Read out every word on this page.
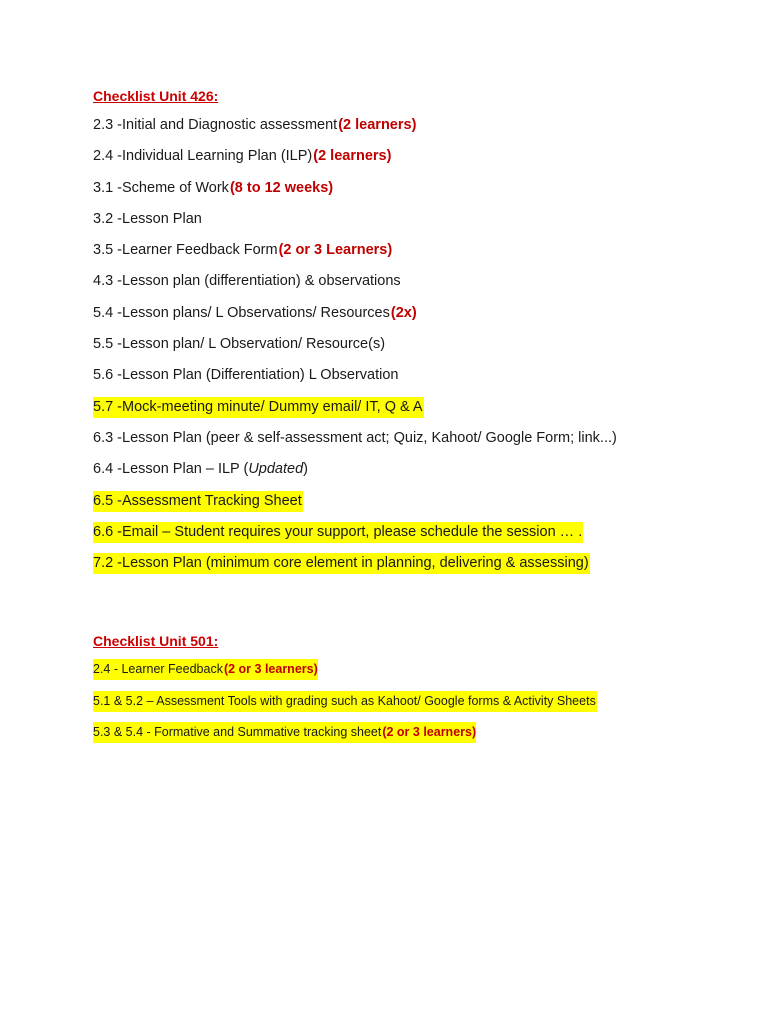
Checklist Unit 426:
2.3 -Initial and Diagnostic assessment (2 learners)
2.4 -Individual Learning Plan (ILP) (2 learners)
3.1 -Scheme of Work (8 to 12 weeks)
3.2 -Lesson Plan
3.5 -Learner Feedback Form (2 or 3 Learners)
4.3 -Lesson plan (differentiation) & observations
5.4 -Lesson plans/ L Observations/ Resources (2x)
5.5 -Lesson plan/ L Observation/ Resource(s)
5.6 -Lesson Plan (Differentiation) L Observation
5.7 -Mock-meeting minute/ Dummy email/ IT, Q & A
6.3 -Lesson Plan (peer & self-assessment act; Quiz, Kahoot/ Google Form; link...)
6.4 -Lesson Plan – ILP ( Updated )
6.5 -Assessment Tracking Sheet
6.6 -Email – Student requires your support, please schedule the session … .
7.2 -Lesson Plan (minimum core element in planning, delivering & assessing)
Checklist Unit 501:
2.4 - Learner Feedback (2 or 3 learners)
5.1 & 5.2 – Assessment Tools with grading such as Kahoot/ Google forms & Activity Sheets
5.3 & 5.4 - Formative and Summative tracking sheet (2 or 3 learners)
